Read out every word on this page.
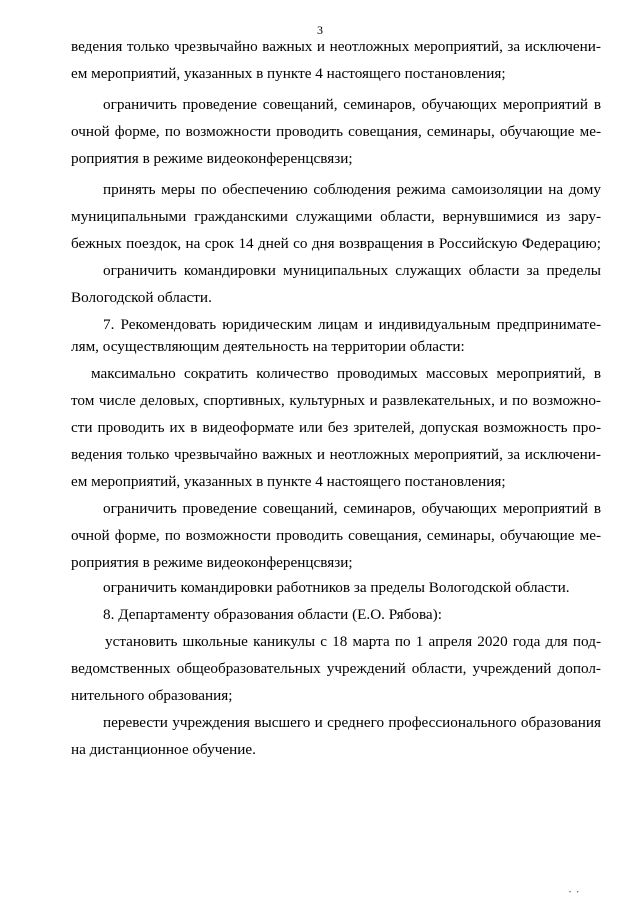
3
ведения только чрезвычайно важных и неотложных мероприятий, за исключени-
ем мероприятий, указанных в пункте 4 настоящего постановления;
ограничить проведение совещаний, семинаров, обучающих мероприятий в
очной форме, по возможности проводить совещания, семинары, обучающие ме-
роприятия в режиме видеоконференцсвязи;
принять меры по обеспечению соблюдения режима самоизоляции на дому
муниципальными гражданскими служащими области, вернувшимися из зару-
бежных поездок, на срок 14 дней со дня возвращения в Российскую Федерацию;
ограничить командировки муниципальных служащих области за пределы
Вологодской области.
7. Рекомендовать юридическим лицам и индивидуальным предпринимате-
лям, осуществляющим деятельность на территории области:
максимально сократить количество проводимых массовых мероприятий, в
том числе деловых, спортивных, культурных и развлекательных, и по возможно-
сти проводить их в видеоформате или без зрителей, допуская возможность про-
ведения только чрезвычайно важных и неотложных мероприятий, за исключени-
ем мероприятий, указанных в пункте 4 настоящего постановления;
ограничить проведение совещаний, семинаров, обучающих мероприятий в
очной форме, по возможности проводить совещания, семинары, обучающие ме-
роприятия в режиме видеоконференцсвязи;
ограничить командировки работников за пределы Вологодской области.
8. Департаменту образования области (Е.О. Рябова):
установить школьные каникулы с 18 марта по 1 апреля 2020 года для под-
ведомственных общеобразовательных учреждений области, учреждений допол-
нительного образования;
перевести учреждения высшего и среднего профессионального образования
на дистанционное обучение.
• •
